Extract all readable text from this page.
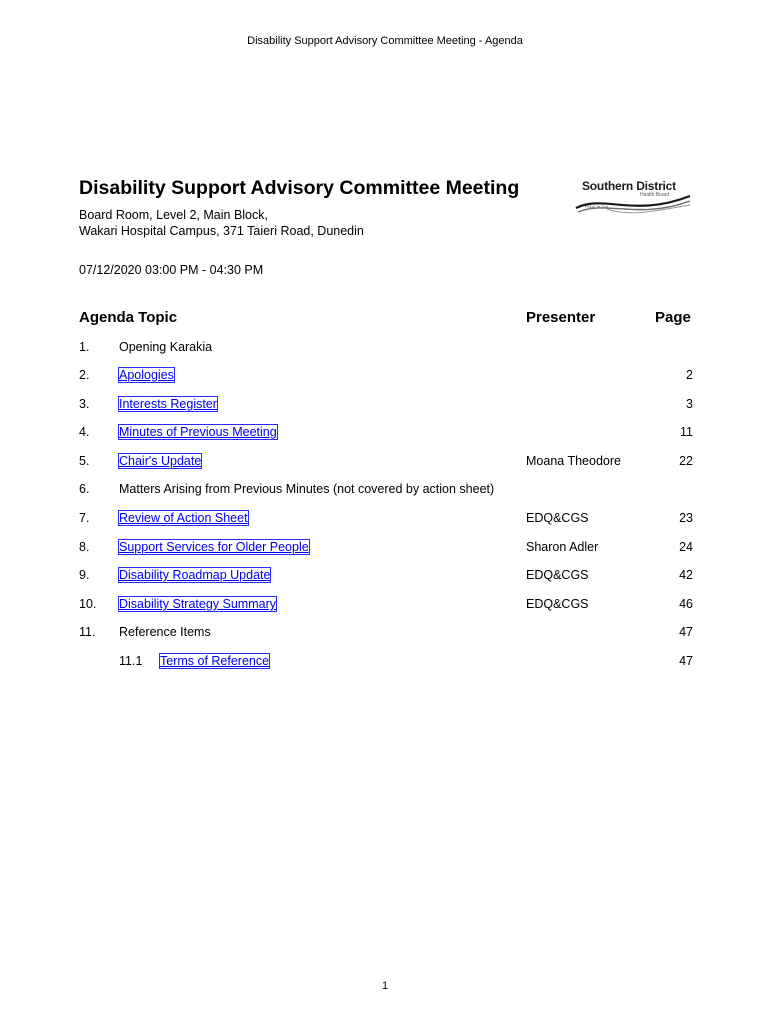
Disability Support Advisory Committee Meeting - Agenda
Disability Support Advisory Committee Meeting	Southern District
Health Board
Pōkai Te Ora
Board Room, Level 2, Main Block,
Wakari Hospital Campus, 371 Taieri Road, Dunedin
07/12/2020 03:00 PM - 04:30 PM
Agenda Topic	Presenter	Page
1. Opening Karakia
2. Apologies	2
3. Interests Register	3
4. Minutes of Previous Meeting	11
5. Chair's Update	Moana Theodore	22
6. Matters Arising from Previous Minutes (not covered by action sheet)
7. Review of Action Sheet	EDQ&CGS	23
8. Support Services for Older People	Sharon Adler	24
9. Disability Roadmap Update	EDQ&CGS	42
10. Disability Strategy Summary	EDQ&CGS	46
11. Reference Items	47
11.1 Terms of Reference	47
1
